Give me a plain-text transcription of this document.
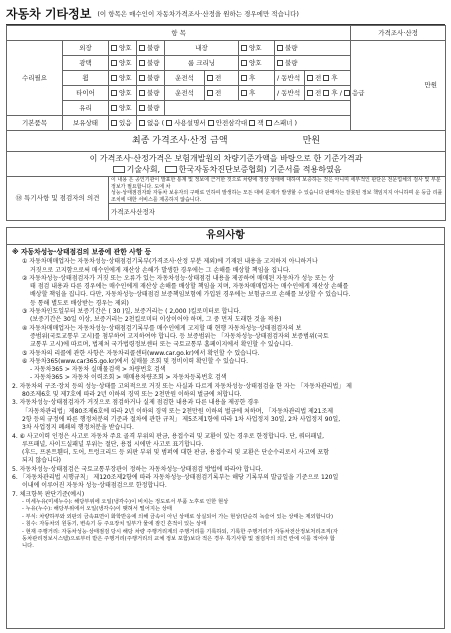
자동차 기타정보 (이 항목은 매수인이 자동차가격조사·산정을 원하는 경우에만 적습니다)
항 목									가격조사·산정
수리필요	외장	양호	불량	내장		양호	불량		만원
	광택	양호	불량	룸 크리닝		양호	불량		
	휠	양호	불량	운전석	전	후	/ 동반석	전 후	
	타이어	양호	불량	운전석	전	후	/ 동반석	전 후 / 응급	
	유리	양호	불량						
기본품목	보유상태	있음	없음 ( 사용설명서 안전삼각대 잭 스패너 )						
최종 가격조사·산정 금액 만원									

이 가격조사·산정가격은 보험개발원의 차량기준가액을 바탕으로 한 기준가격과
기술사회, 한국자동차진단보증협회) 기준서를 적용하였음									

⑱ 특기사항 및 점검자의 의견		이 내용 은 공인기관이 발표한 통계 및 정보에 근거한 것으로 차량에 정상 상태에 대하여 보증하는 것은 아니며 세부적인 판단은 전문업체의 검사 및 부분 정보가 필요합니다. 도에 차
성능·상태점검자와 자동차 보유자의 구매로 인하여 발생하는 모든 대비 문제가 발생할 수 있습니다 판매자는 잘못된 정보 책임지지 아니하며 운 등급 리플조치에 대한 서비스를 제공하지 않습니다.							

		가격조사산정자							
유의사항

※ 자동차성능·상태점검의 보증에 관한 사항 등

① 자동차매매업자는 자동차성능·상태점검기록부(가격조사·산정 부분 제외)에 기재된 내용을 고지하지 아니하거나

거짓으로 고지함으로써 매수인에게 재산상 손해가 발생한 경우에는 그 손해를 배상할 책임을 집니다.

② 자동차성능·상태점검자가 거짓 또는 오류가 있는 자동차성능·상태점검 내용을 제공하여 매매된 자동차가 성능 또는 상

태 점검 내용과 다른 경우에는 매수인에게 재산상 손해를 배상할 책임을 지며, 자동차매매업자는 매수인에게 재산상 손해를

배상할 책임을 집니다. 다만, 자동차성능·상태점검 보증책임보험에 가입된 경우에는 보험금으로 손해를 보상할 수 있습니다.

등 통해 별도로 배상받는 경우는 제외)

③ 자동차인도일부터 보증기간은 ( 30 )일, 보증거리는 ( 2,000 )킬로미터로 합니다.

(보증기간은 30일 이상, 보증거리는 2천킬로미터 이상이어야 하며, 그 중 먼저 도래한 것을 적용)

④ 자동차매매업자는 자동차성능·상태점검기록부를 매수인에게 고지할 때 현행 자동차성능·상태점검자의 보

증범위(국토교통부 고시)를 첨부하여 고지하여야 합니다. 등 보증범위는 「자동차성능·상태점검자의 보증범위(국토

교통부 고시)에 따르며, 법제처 국가법령정보센터 또는 국토교통부 홈페이지에서 확인할 수 있습니다.

⑤ 자동차의 리콜에 관한 사항은 자동차리콜센터(www.car.go.kr)에서 확인할 수 있습니다.

⑥ 자동차365(www.car365.go.kr)에서 실매물 조회 및 정비이력 확인할 수 있습니다.

- 자동차365 > 자동차 실매물검색 > 차량번호 검색

- 자동차365 > 자동차 이력조회 > 매매용차량조회 > 자동차등록번호 검색

2. 자동차의 구조·장치 등의 성능·상태를 고의적으로 거짓 또는 사실과 다르게 자동차성능·상태점검을 한 자는 「자동차관리법」 제

80조제6호 및 제7호에 따라 2년 이하의 징역 또는 2천만원 이하의 벌금에 처합니다.

3. 자동차성능·상태점검자가 거짓으로 점검하거나 실제 점검한 내용과 다른 내용을 제공한 경우

「자동차관리법」제80조제6호에 따라 2년 이하의 징역 또는 2천만원 이하의 벌금에 처하며, 「자동차관리법 제21조제

2항 등의 규정에 따른 행정처분의 기준과 절차에 관한 규칙」 제5조제1항에 따라 1차 사업정지 30일, 2차 사업정지 90일,

3차 사업정지 폐쇄의 행정처분을 받습니다.

4. ⑥ 사고이력 인정은 사고로 자동차 주요 골격 부위의 판금, 용접수리 및 교환이 있는 경우로 한정합니다. 단, 쿼터패널,

루프패널, 사이드실패널 부위는 절단, 용접 시에만 사고로 표기합니다.

(후드, 프론트휀더, 도어, 트렁크리드 등 외판 부위 및 범퍼에 대한 판금, 용접수리 및 교환은 단순수리로서 사고에 포함

되지 않습니다)

5. 자동차성능·상태점검은 국토교통부장관이 정하는 자동차성능·상태점검 방법에 따라야 합니다.

6. 「자동차관리법 시행규칙」 제120조제2항에 따라 자동차성능·상태점검기록부는 해당 기록부의 발급일을 기준으로 120일

이내에 이루어진 자동차 성능·상태점검으로 한정합니다.

7. 체크항목 판단기준(예시)

- 미세누유(미세누수): 해당부위에 오일(냉각수)이 비치는 정도로서 부품 노후로 인한 현상

- 누유(누수): 해당부위에서 오일(냉각수)이 맺혀서 떨어지는 상태

- 부식: 차량하부와 외판의 금속표면이 화학반응에 의해 금속이 아닌 상태로 상실되어 가는 현상(단순히 녹슬어 있는 상태는 제외합니다)

- 침수: 자동차의 원동기, 변속기 등 주요장치 일부가 물에 잠긴 흔적이 있는 상태

- 현재 주행거리: 자동차성능·상태점검 당시 해당 차량 주행거리계의 주행거리를 기록하되, 기록한 주행거리가 자동차전산정보처리조직(자

동차관리정보시스템)으로부터 받은 주행거리(주행거리의 교체 정보 포함)보다 적은 경우 특기사항 및 점검자의 의견 란에 이를 적어야 합

니다.
